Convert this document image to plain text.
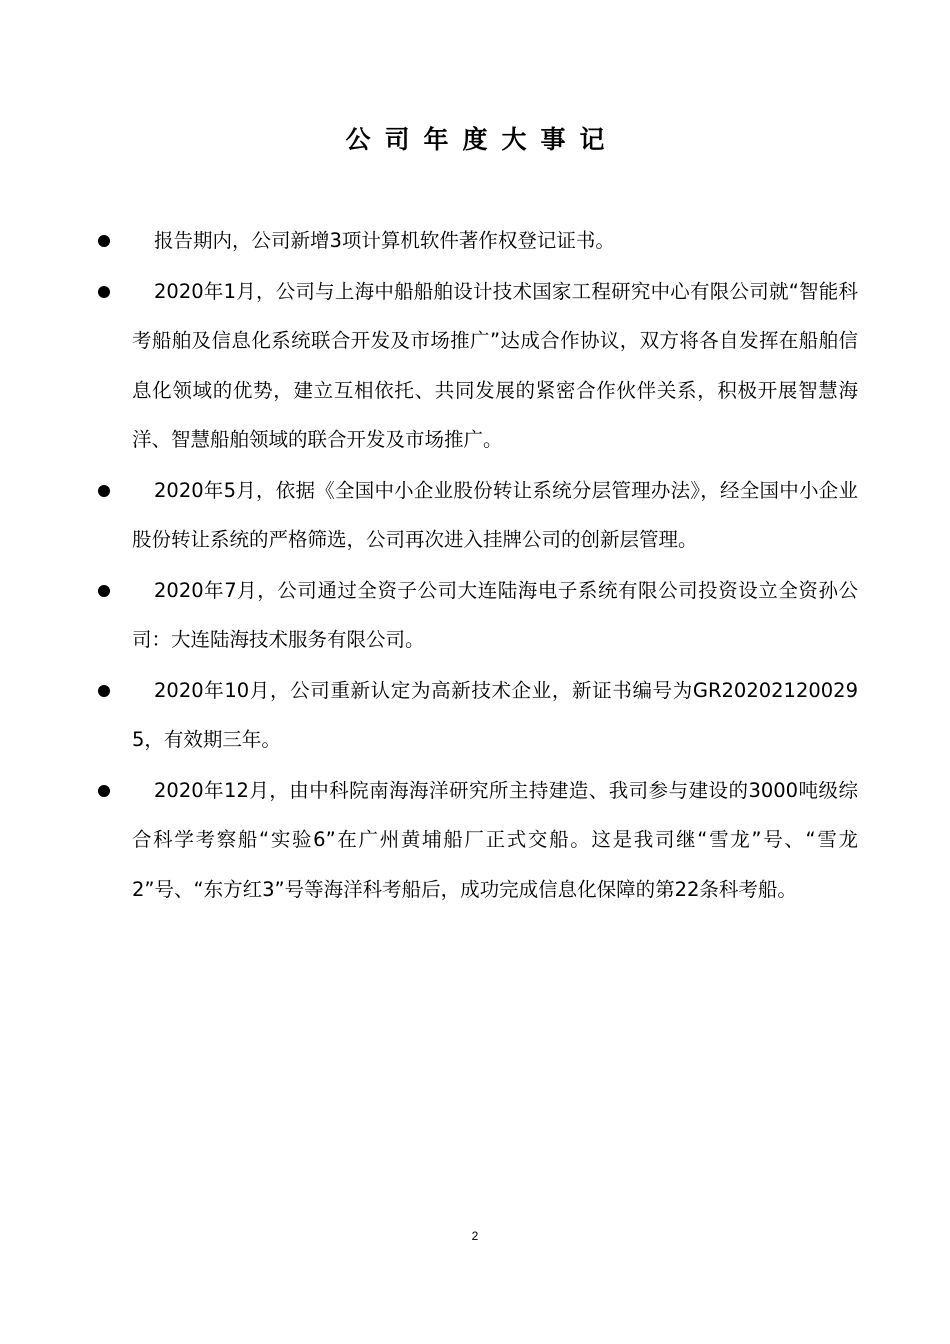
公司年度大事记
报告期内，公司新增3项计算机软件著作权登记证书。
2020年1月，公司与上海中船船舶设计技术国家工程研究中心有限公司就“智能科考船舶及信息化系统联合开发及市场推广”达成合作协议，双方将各自发挥在船舶信息化领域的优势，建立互相依托、共同发展的紧密合作伙伴关系，积极开展智慧海洋、智慧船舶领域的联合开发及市场推广。
2020年5月，依据《全国中小企业股份转让系统分层管理办法》，经全国中小企业股份转让系统的严格筛选，公司再次进入挂牌公司的创新层管理。
2020年7月，公司通过全资子公司大连陆海电子系统有限公司投资设立全资孙公司：大连陆海技术服务有限公司。
2020年10月，公司重新认定为高新技术企业，新证书编号为GR202021200295，有效期三年。
2020年12月，由中科院南海海洋研究所主持建造、我司参与建设的3000吨级综合科学考察船“实验6”在广州黄埔船厂正式交船。这是我司继“雪龙”号、“雪龙2”号、“东方红3”号等海洋科考船后，成功完成信息化保障的第22条科考船。
2
